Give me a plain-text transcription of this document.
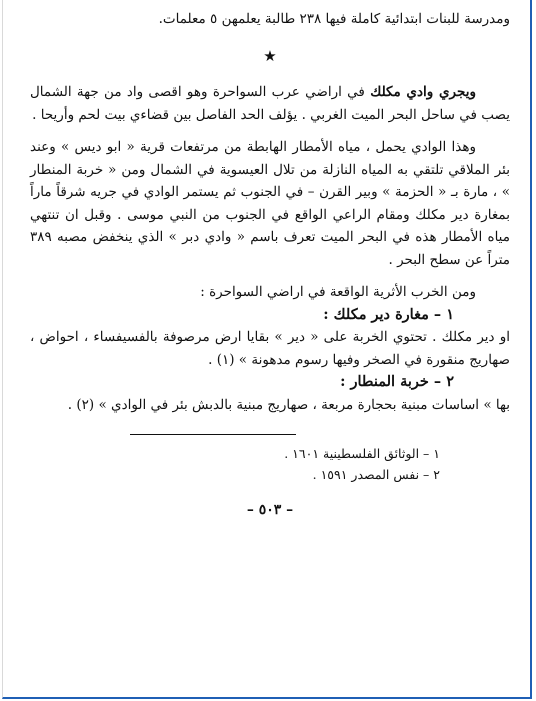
ومدرسة للبنات ابتدائية كاملة فيها ٢٣٨ طالبة يعلمهن ٥ معلمات.

★

ويجري وادي مكلك في اراضي عرب السواحرة وهو اقصى واد من جهة الشمال يصب في ساحل البحر الميت الغربي . يؤلف الحد الفاصل بين قضاءي بيت لحم وأريحا .

وهذا الوادي يحمل ، مياه الأمطار الهابطة من مرتفعات قرية « ابو ديس » وعند بئر الملاقي تلتقي به المياه النازلة من تلال العيسوية في الشمال ومن « خربة المنطار » ، مارة بـ « الحزمة » وبير القرن – في الجنوب ثم يستمر الوادي في جريه شرقاً ماراً بمغارة دير مكلك ومقام الراعي الواقع في الجنوب من النبي موسى . وقبل ان تنتهي مياه الأمطار هذه في البحر الميت تعرف باسم « وادي دبر » الذي ينخفض مصبه ٣٨٩ متراً عن سطح البحر .

ومن الخرب الأثرية الواقعة في اراضي السواحرة :

١ – مغارة دير مكلك :

او دير مكلك . تحتوي الخربة على « دير » بقايا ارض مرصوفة بالفسيفساء ، احواض ، صهاريج منقورة في الصخر وفيها رسوم مدهونة » (١) .

٢ – خربة المنطار :

بها » اساسات مبنية بحجارة مربعة ، صهاريج مبنية بالدبش بئر في الوادي » (٢) .

١ – الوثائق الفلسطينية ١٦٠١ .

٢ – نفس المصدر ١٥٩١ .

– ٥٠٣ –
